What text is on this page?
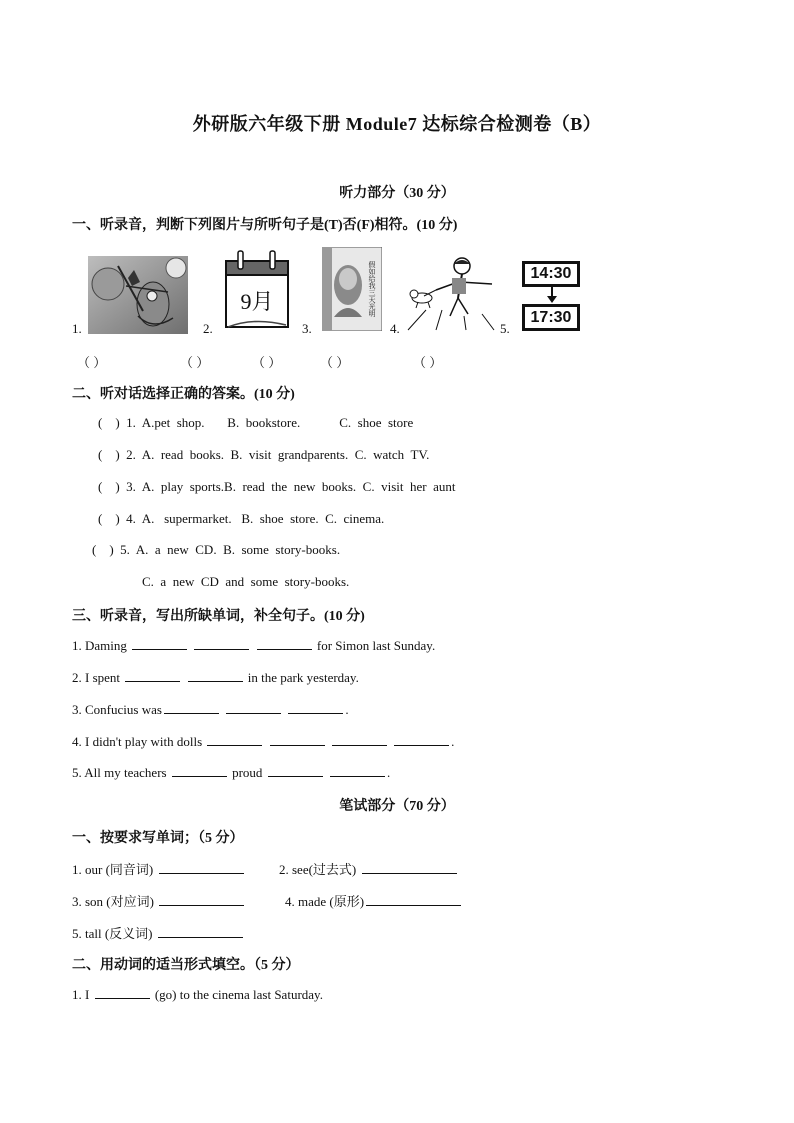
外研版六年级下册 Module7 达标综合检测卷（B）
听力部分（30 分）
一、听录音，判断下列图片与所听句子是(T)否(F)相符。(10 分)
1.	2.	3.	4.	5.
9月	假如给我三天光明	14:30
17:30
（ ）	（ ）	（ ）	（ ）	（ ）
二、听对话选择正确的答案。(10 分)
(    )  1.  A.pet  shop.       B.  bookstore.            C.  shoe  store
(    )  2.  A.  read  books.  B.  visit  grandparents.  C.  watch  TV.
(    )  3.  A.  play  sports.B.  read  the  new  books.  C.  visit  her  aunt
(    )  4.  A.   supermarket.   B.  shoe  store.  C.  cinema.
(    )  5.  A.  a  new  CD.  B.  some  story-books.
C.  a  new  CD  and  some  story-books.
三、听录音，写出所缺单词，补全句子。(10 分)
1. Daming	for Simon last Sunday.
2. I spent	in the park yesterday.
3. Confucius was	.
4. I didn't play with dolls	.
5. All my teachers	proud	.
笔试部分（70 分）
一、按要求写单词；（5 分）
1. our (同音词)	2. see(过去式)
3. son (对应词)	4. made (原形)
5. tall (反义词)
二、用动词的适当形式填空。（5 分）
1. I	(go) to the cinema last Saturday.
